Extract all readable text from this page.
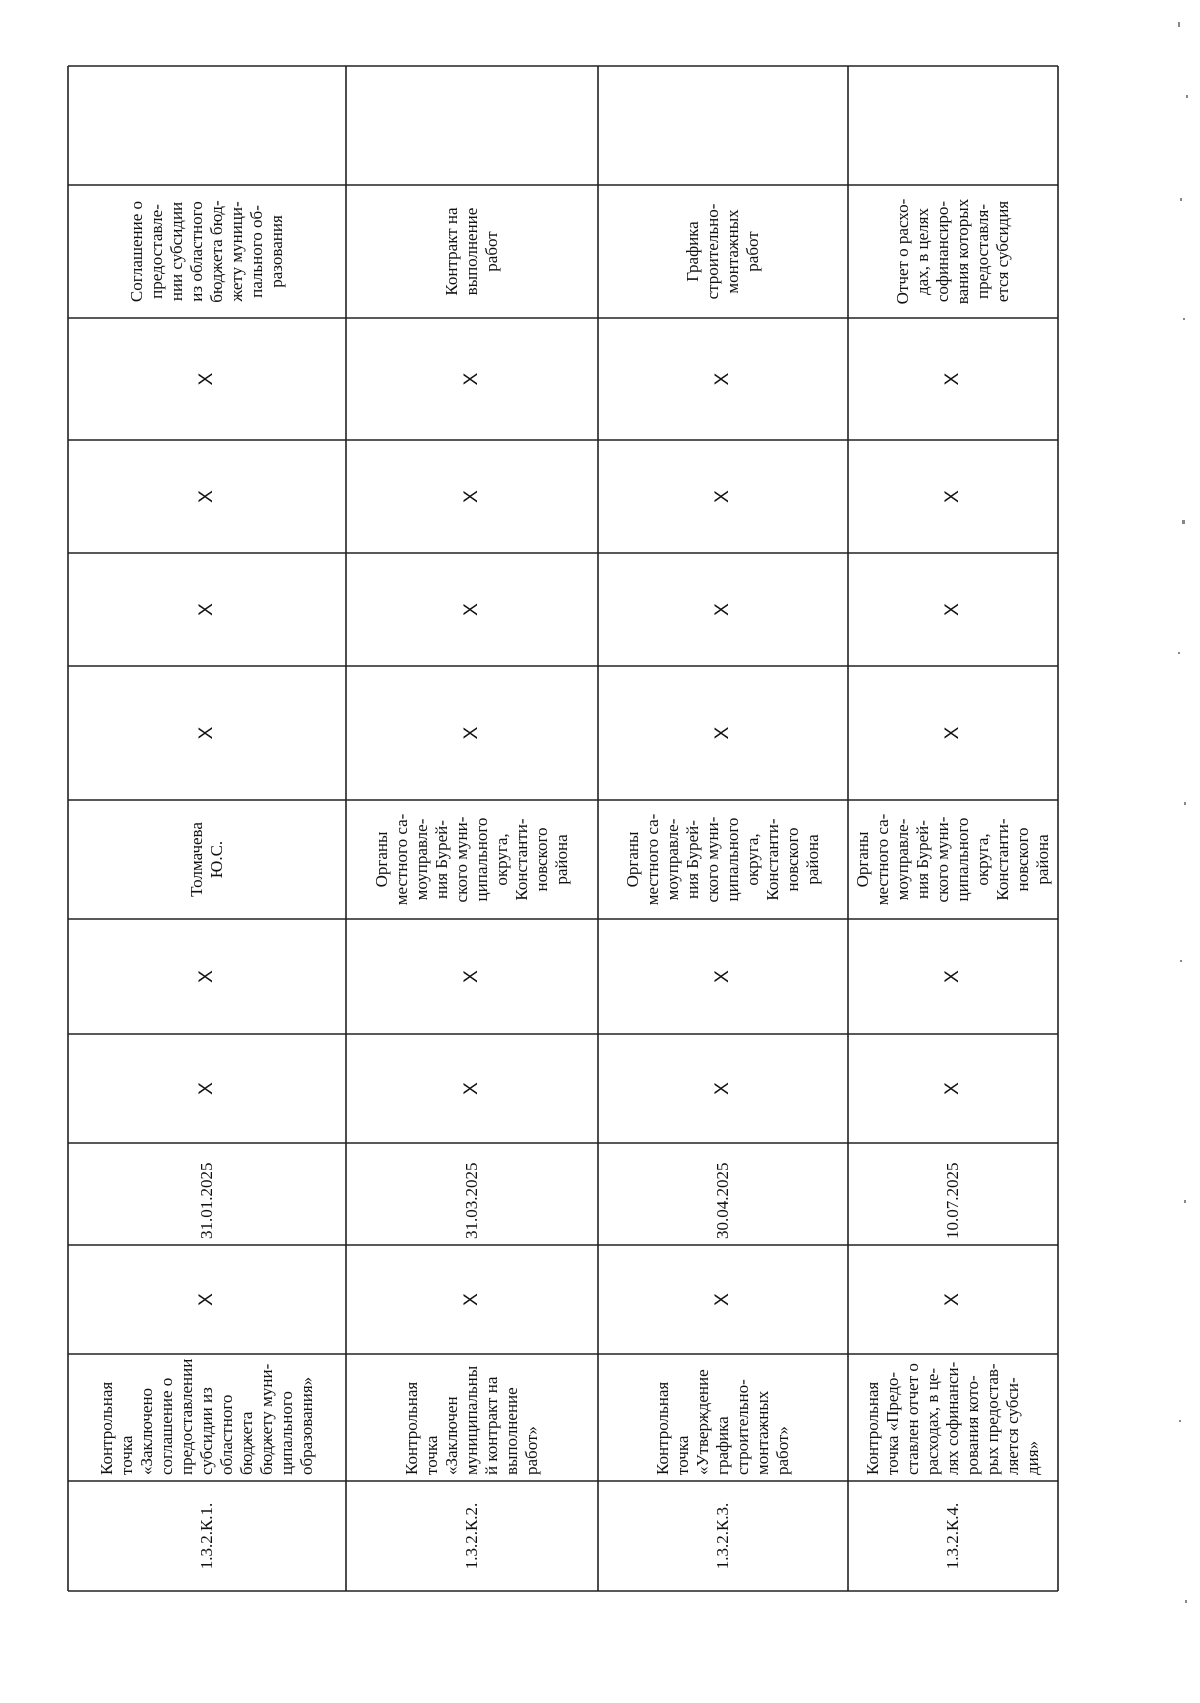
1.3.2.К.1.
Контрольная точка «Заключено соглашение о предоставлении субсидии из областного бюджета бюджету муни- ципального образования»
X
X
X
X
X
X
X
31.01.2025
Толмачева Ю.С.
Соглашение о предоставле- нии субсидии из областного бюджета бюд- жету муници- пального об- разования
1.3.2.К.2.
Контрольная точка «Заключен муниципальны й контракт на выполнение работ»
X
X
X
X
X
X
X
31.03.2025
Органы местного са- моуправле- ния Бурей- ского муни- ципального округа, Константи- новского района
Контракт на выполнение работ
1.3.2.К.3.
Контрольная точка «Утверждение графика строительно- монтажных работ»
X
X
X
X
X
X
X
30.04.2025
Органы местного са- моуправле- ния Бурей- ского муни- ципального округа, Константи- новского района
Графика строительно- монтажных работ
1.3.2.К.4.
Контрольная точка «Предо- ставлен отчет о расходах, в це- лях софинанси- рования кото- рых предостав- ляется субси- дия»
X
X
X
X
X
X
X
10.07.2025
Органы местного са- моуправле- ния Бурей- ского муни- ципального округа, Константи- новского района
Отчет о расхо- дах, в целях софинансиро- вания которых предоставля- ется субсидия
